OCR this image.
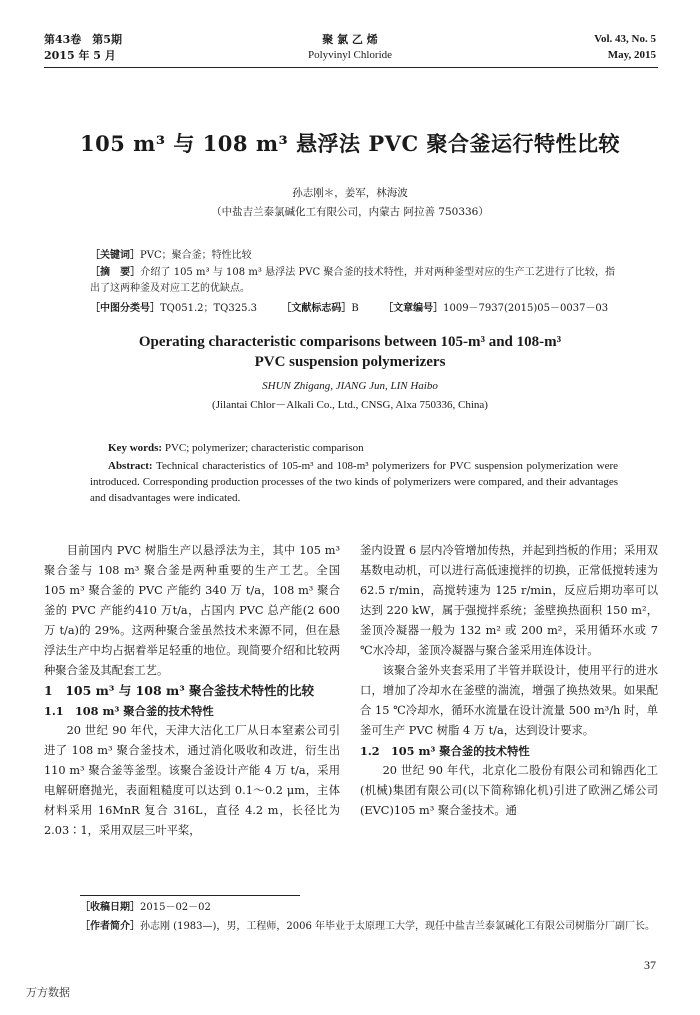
第43卷　第5期
2015 年 5 月
聚 氯 乙 烯
Polyvinyl Chloride
Vol. 43, No. 5
May, 2015
105 m³ 与 108 m³ 悬浮法 PVC 聚合釜运行特性比较
孙志刚＊，姜军，林海波
（中盐吉兰泰氯碱化工有限公司，内蒙古 阿拉善 750336）
［关键词］PVC；聚合釜；特性比较
［摘　要］介绍了 105 m³ 与 108 m³ 悬浮法 PVC 聚合釜的技术特性，并对两种釜型对应的生产工艺进行了比较，指出了这两种釜及对应工艺的优缺点。
［中图分类号］TQ051.2；TQ325.3 ［文献标志码］B ［文章编号］1009－7937(2015)05－0037－03
Operating characteristic comparisons between 105-m³ and 108-m³
PVC suspension polymerizers
SHUN Zhigang, JIANG Jun, LIN Haibo
(Jilantai Chlor－Alkali Co., Ltd., CNSG, Alxa 750336, China)
Key words: PVC; polymerizer; characteristic comparison
Abstract: Technical characteristics of 105-m³ and 108-m³ polymerizers for PVC suspension polymerization were introduced. Corresponding production processes of the two kinds of polymerizers were compared, and their advantages and disadvantages were indicated.

目前国内 PVC 树脂生产以悬浮法为主，其中 105 m³ 聚合釜与 108 m³ 聚合釜是两种重要的生产工艺。全国 105 m³ 聚合釜的 PVC 产能约 340 万 t/a，108 m³ 聚合釜的 PVC 产能约410 万t/a，占国内 PVC 总产能(2 600 万 t/a)的 29%。这两种聚合釜虽然技术来源不同，但在悬浮法生产中均占据着举足轻重的地位。现简要介绍和比较两种聚合釜及其配套工艺。

1　105 m³ 与 108 m³ 聚合釜技术特性的比较
1.1　108 m³ 聚合釜的技术特性

20 世纪 90 年代，天津大沽化工厂从日本窒素公司引进了 108 m³ 聚合釜技术，通过消化吸收和改进，衍生出 110 m³ 聚合釜等釜型。该聚合釜设计产能 4 万 t/a，采用电解研磨抛光，表面粗糙度可以达到 0.1～0.2 μm，主体材料采用 16MnR 复合 316L，直径 4.2 m，长径比为 2.03∶1，采用双层三叶平桨，

釜内设置 6 层内冷管增加传热，并起到挡板的作用；采用双基数电动机，可以进行高低速搅拌的切换，正常低搅转速为 62.5 r/min，高搅转速为 125 r/min，反应后期功率可以达到 220 kW，属于强搅拌系统；釜壁换热面积 150 m²，釜顶冷凝器一般为 132 m² 或 200 m²，采用循环水或 7 ℃水冷却，釜顶冷凝器与聚合釜采用连体设计。

该聚合釜外夹套采用了半管并联设计，使用平行的进水口，增加了冷却水在釜壁的湍流，增强了换热效果。如果配合 15 ℃冷却水，循环水流量在设计流量 500 m³/h 时，单釜可生产 PVC 树脂 4 万 t/a，达到设计要求。

1.2　105 m³ 聚合釜的技术特性

20 世纪 90 年代，北京化二股份有限公司和锦西化工(机械)集团有限公司(以下简称锦化机)引进了欧洲乙烯公司(EVC)105 m³ 聚合釜技术。通

［收稿日期］2015－02－02
［作者简介］孙志刚 (1983—)，男，工程师，2006 年毕业于太原理工大学，现任中盐吉兰泰氯碱化工有限公司树脂分厂副厂长。
37
万方数据
